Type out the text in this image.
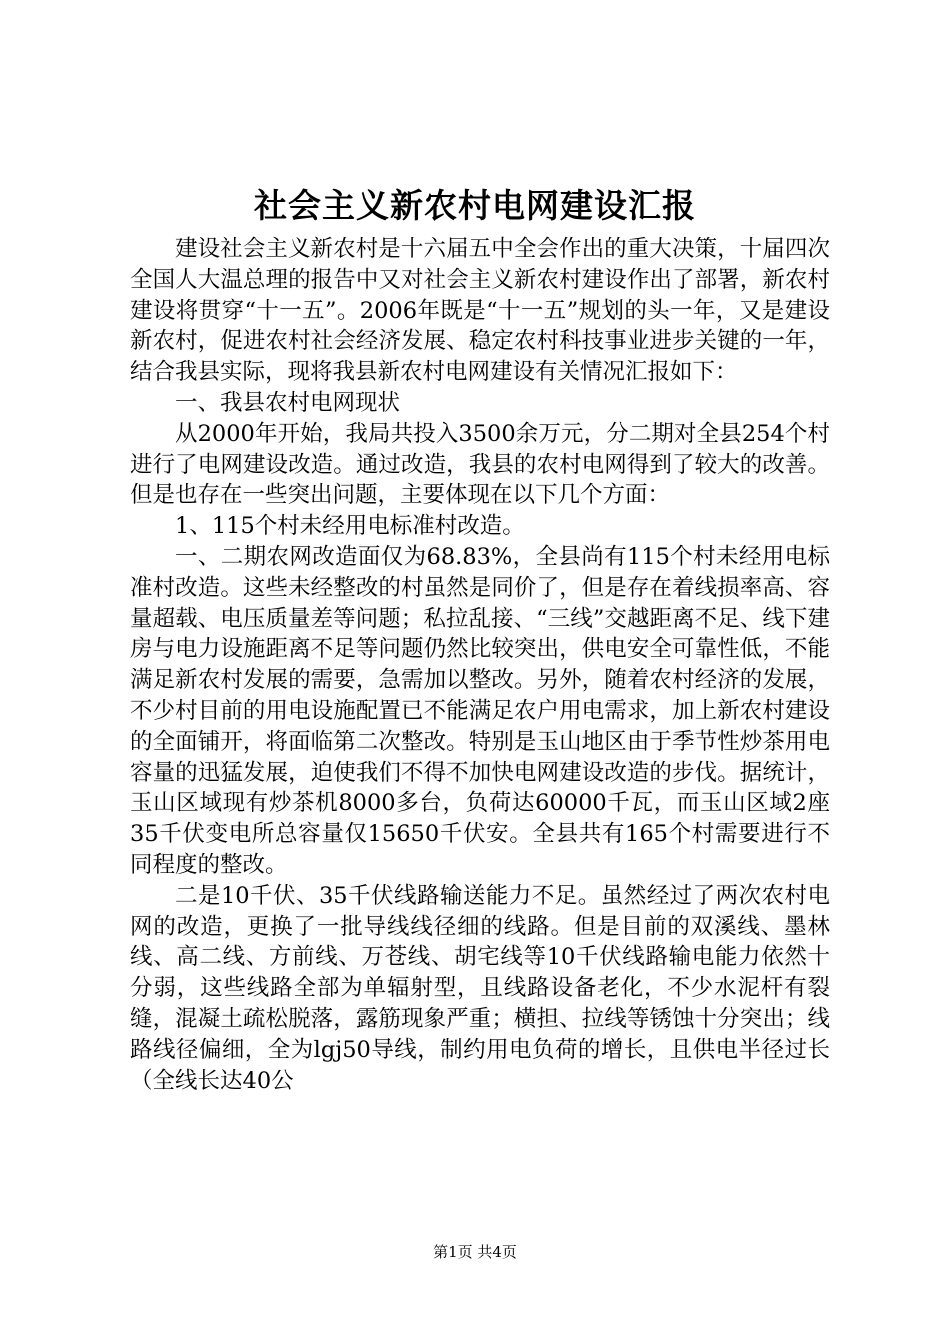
社会主义新农村电网建设汇报

建设社会主义新农村是十六届五中全会作出的重大决策，十届四次全国人大温总理的报告中又对社会主义新农村建设作出了部署，新农村建设将贯穿“十一五”。2006年既是“十一五”规划的头一年，又是建设新农村，促进农村社会经济发展、稳定农村科技事业进步关键的一年，结合我县实际，现将我县新农村电网建设有关情况汇报如下：

一、我县农村电网现状

从2000年开始，我局共投入3500余万元，分二期对全县254个村进行了电网建设改造。通过改造，我县的农村电网得到了较大的改善。但是也存在一些突出问题，主要体现在以下几个方面：

1、115个村未经用电标准村改造。

一、二期农网改造面仅为68.83%，全县尚有115个村未经用电标准村改造。这些未经整改的村虽然是同价了，但是存在着线损率高、容量超载、电压质量差等问题；私拉乱接、“三线”交越距离不足、线下建房与电力设施距离不足等问题仍然比较突出，供电安全可靠性低，不能满足新农村发展的需要，急需加以整改。另外，随着农村经济的发展，不少村目前的用电设施配置已不能满足农户用电需求，加上新农村建设的全面铺开，将面临第二次整改。特别是玉山地区由于季节性炒茶用电容量的迅猛发展，迫使我们不得不加快电网建设改造的步伐。据统计，玉山区域现有炒茶机8000多台，负荷达60000千瓦，而玉山区域2座35千伏变电所总容量仅15650千伏安。全县共有165个村需要进行不同程度的整改。

二是10千伏、35千伏线路输送能力不足。虽然经过了两次农村电网的改造，更换了一批导线线径细的线路。但是目前的双溪线、墨林线、高二线、方前线、万苍线、胡宅线等10千伏线路输电能力依然十分弱，这些线路全部为单辐射型，且线路设备老化，不少水泥杆有裂缝，混凝土疏松脱落，露筋现象严重；横担、拉线等锈蚀十分突出；线路线径偏细，全为lgj50导线，制约用电负荷的增长，且供电半径过长（全线长达40公

第1页 共4页
